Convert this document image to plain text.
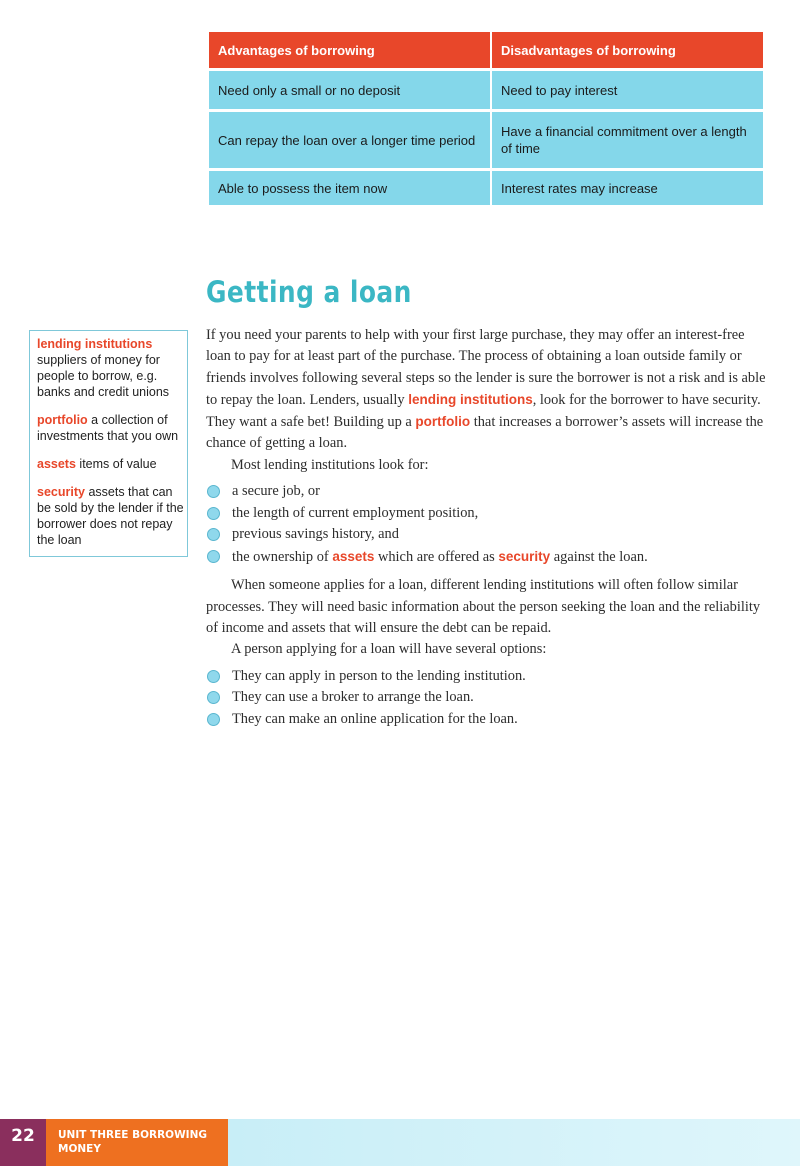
Advantages of borrowing	Disadvantages of borrowing
Need only a small or no deposit	Need to pay interest
Can repay the loan over a longer time period	Have a financial commitment over a length of time
Able to possess the item now	Interest rates may increase
Getting a loan

lending institutions suppliers of money for people to borrow, e.g. banks and credit unions

portfolio a collection of investments that you own

assets items of value

security assets that can be sold by the lender if the borrower does not repay the loan

If you need your parents to help with your first large purchase, they may offer an interest-free loan to pay for at least part of the purchase. The process of obtaining a loan outside family or friends involves following several steps so the lender is sure the borrower is not a risk and is able to repay the loan. Lenders, usually lending institutions, look for the borrower to have security. They want a safe bet! Building up a portfolio that increases a borrower’s assets will increase the chance of getting a loan.

Most lending institutions look for:

a secure job, or
the length of current employment position,
previous savings history, and
the ownership of assets which are offered as security against the loan.

When someone applies for a loan, different lending institutions will often follow similar processes. They will need basic information about the person seeking the loan and the reliability of income and assets that will ensure the debt can be repaid.

A person applying for a loan will have several options:

They can apply in person to the lending institution.
They can use a broker to arrange the loan.
They can make an online application for the loan.
22	UNIT THREE BORROWING
MONEY
